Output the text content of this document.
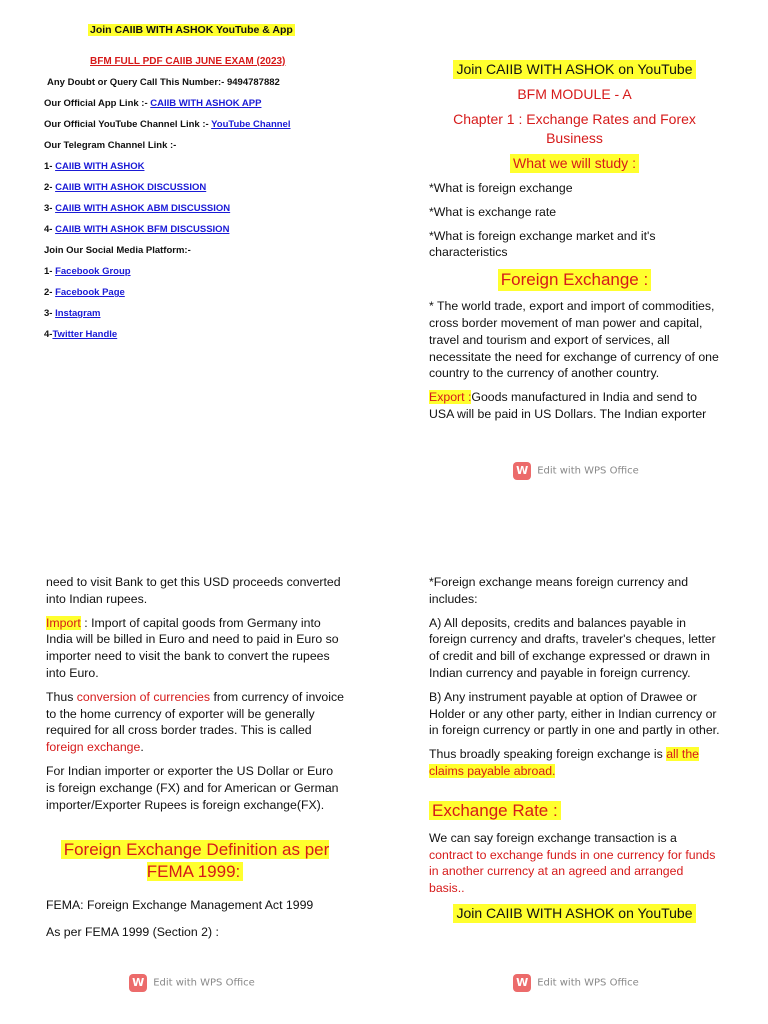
Join CAIIB WITH ASHOK YouTube & App
BFM FULL PDF CAIIB JUNE EXAM (2023)
Any Doubt or Query Call This Number:- 9494787882
Our Official App Link :- CAIIB WITH ASHOK APP
Our Official YouTube Channel Link :- YouTube Channel
Our Telegram Channel Link :-
1- CAIIB WITH ASHOK
2- CAIIB WITH ASHOK DISCUSSION
3- CAIIB WITH ASHOK ABM DISCUSSION
4- CAIIB WITH ASHOK BFM DISCUSSION
Join Our Social Media Platform:-
1- Facebook Group
2- Facebook Page
3- Instagram
4-Twitter Handle
Join CAIIB WITH ASHOK on YouTube
BFM MODULE - A
Chapter 1 : Exchange Rates and Forex Business
What we will study :
*What is foreign exchange
*What is exchange rate
*What is foreign exchange market and it's characteristics
Foreign Exchange :
* The world trade, export and import of commodities, cross border movement of man power and capital, travel and tourism and export of services, all necessitate the need for exchange of currency of one country to the currency of another country.
Export :Goods manufactured in India and send to USA will be paid in US Dollars. The Indian exporter
W Edit with WPS Office
need to visit Bank to get this USD proceeds converted into Indian rupees.
Import : Import of capital goods from Germany into India will be billed in Euro and need to paid in Euro so importer need to visit the bank to convert the rupees into Euro.
Thus conversion of currencies from currency of invoice to the home currency of exporter will be generally required for all cross border trades. This is called foreign exchange.
For Indian importer or exporter the US Dollar or Euro is foreign exchange (FX) and for American or German importer/Exporter Rupees is foreign exchange(FX).
Foreign Exchange Definition as per FEMA 1999:
FEMA: Foreign Exchange Management Act 1999
As per FEMA 1999 (Section 2) :
W Edit with WPS Office
*Foreign exchange means foreign currency and includes:
A) All deposits, credits and balances payable in foreign currency and drafts, traveler's cheques, letter of credit and bill of exchange expressed or drawn in Indian currency and payable in foreign currency.
B) Any instrument payable at option of Drawee or Holder or any other party, either in Indian currency or in foreign currency or partly in one and partly in other.
Thus broadly speaking foreign exchange is all the claims payable abroad.
Exchange Rate :
We can say foreign exchange transaction is a contract to exchange funds in one currency for funds in another currency at an agreed and arranged basis..
Join CAIIB WITH ASHOK on YouTube
W Edit with WPS Office
